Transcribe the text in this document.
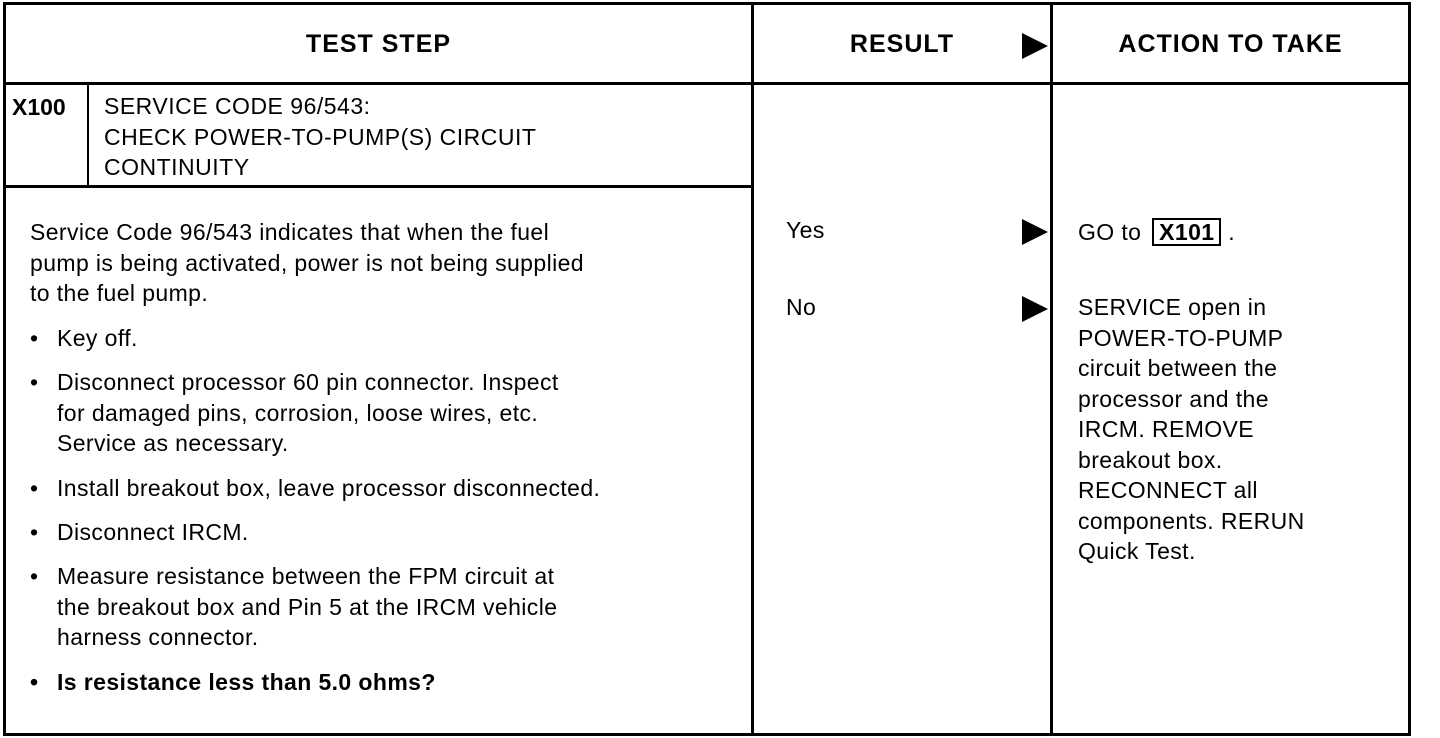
TEST STEP	RESULT	ACTION TO TAKE
X100 SERVICE CODE 96/543:
CHECK POWER-TO-PUMP(S) CIRCUIT
CONTINUITY
Service Code 96/543 indicates that when the fuel
pump is being activated, power is not being supplied
to the fuel pump.
• Key off.
• Disconnect processor 60 pin connector. Inspect
for damaged pins, corrosion, loose wires, etc.
Service as necessary.
• Install breakout box, leave processor disconnected.
• Disconnect IRCM.
• Measure resistance between the FPM circuit at
the breakout box and Pin 5 at the IRCM vehicle
harness connector.
• Is resistance less than 5.0 ohms?
Yes
No
GO to X101 .
SERVICE open in
POWER-TO-PUMP
circuit between the
processor and the
IRCM. REMOVE
breakout box.
RECONNECT all
components. RERUN
Quick Test.
